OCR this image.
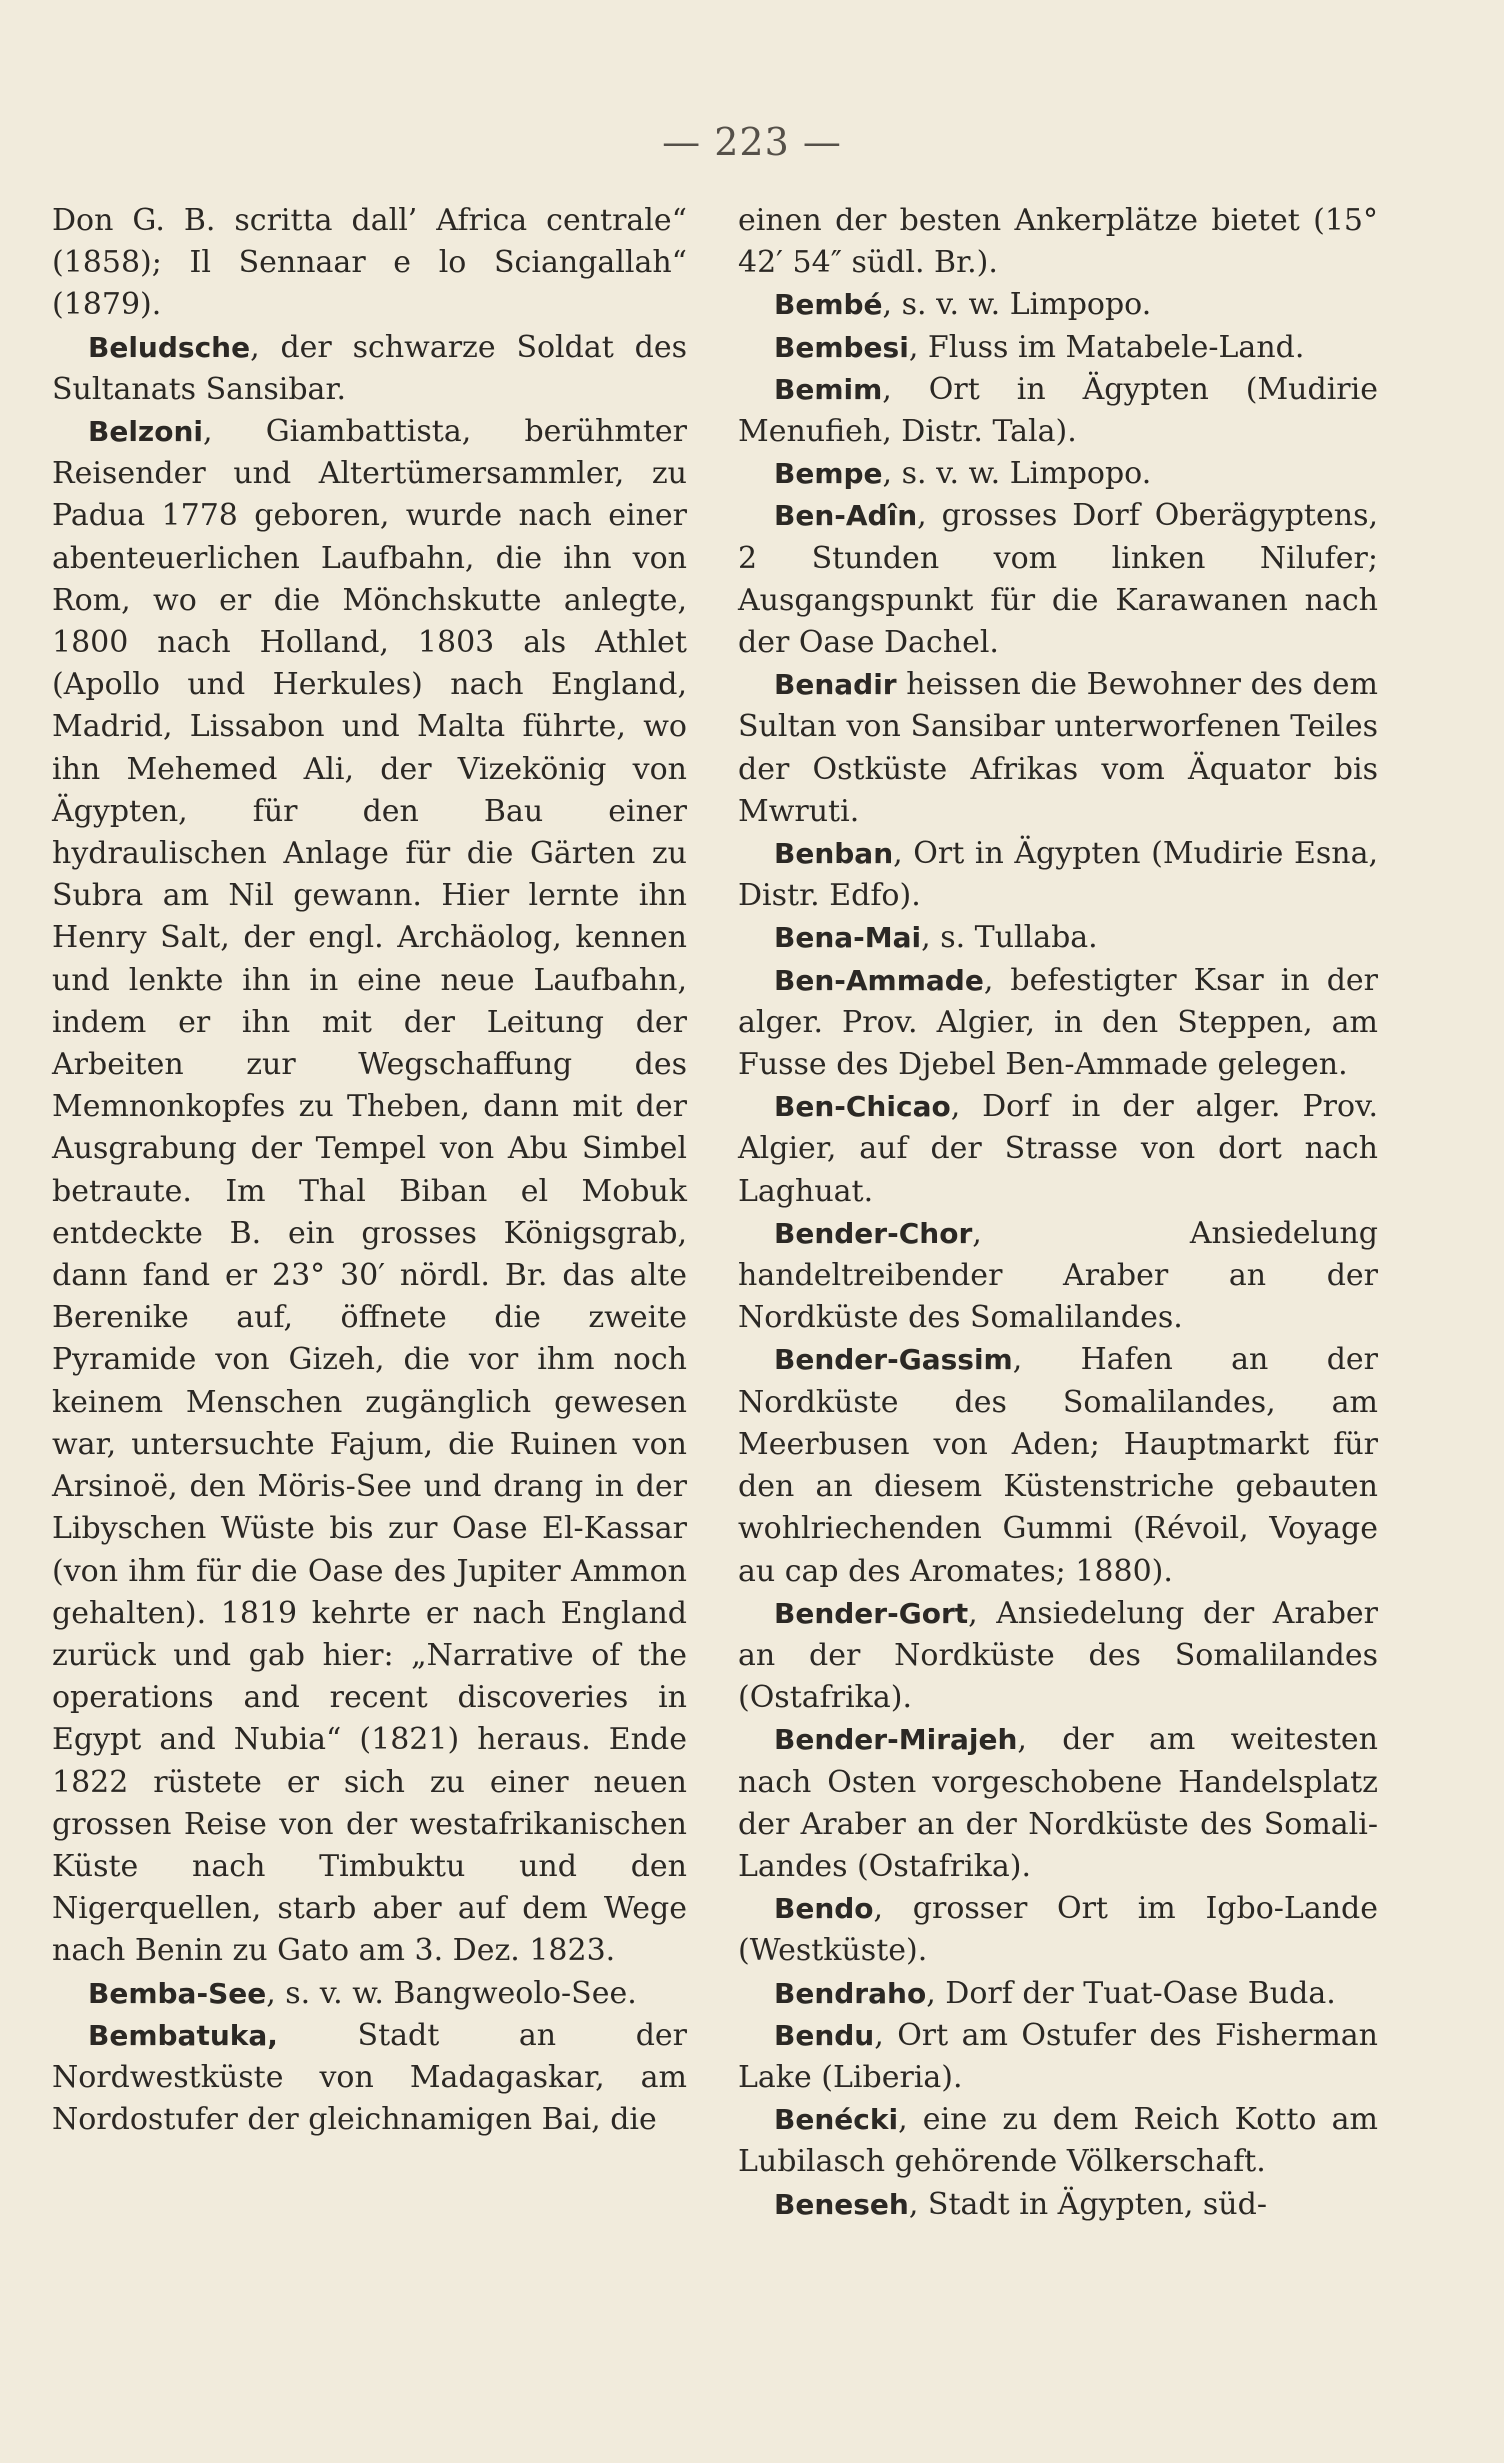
— 223 —

Don G. B. scritta dall’ Africa centrale“ (1858); Il Sennaar e lo Sciangallah“ (1879).

Beludsche, der schwarze Soldat des Sultanats Sansibar.

Belzoni, Giambattista, berühmter Reisender und Altertümersammler, zu Padua 1778 geboren, wurde nach einer abenteuerlichen Laufbahn, die ihn von Rom, wo er die Mönchskutte anlegte, 1800 nach Holland, 1803 als Athlet (Apollo und Herkules) nach England, Madrid, Lissabon und Malta führte, wo ihn Mehemed Ali, der Vizekönig von Ägypten, für den Bau einer hydraulischen Anlage für die Gärten zu Subra am Nil gewann. Hier lernte ihn Henry Salt, der engl. Archäolog, kennen und lenkte ihn in eine neue Laufbahn, indem er ihn mit der Leitung der Arbeiten zur Wegschaffung des Memnonkopfes zu Theben, dann mit der Ausgrabung der Tempel von Abu Simbel betraute. Im Thal Biban el Mobuk entdeckte B. ein grosses Königsgrab, dann fand er 23° 30′ nördl. Br. das alte Berenike auf, öffnete die zweite Pyramide von Gizeh, die vor ihm noch keinem Menschen zugänglich gewesen war, untersuchte Fajum, die Ruinen von Arsinoë, den Möris-See und drang in der Libyschen Wüste bis zur Oase El-Kassar (von ihm für die Oase des Jupiter Ammon gehalten). 1819 kehrte er nach England zurück und gab hier: „Narrative of the operations and recent discoveries in Egypt and Nubia“ (1821) heraus. Ende 1822 rüstete er sich zu einer neuen grossen Reise von der westafrikanischen Küste nach Timbuktu und den Nigerquellen, starb aber auf dem Wege nach Benin zu Gato am 3. Dez. 1823.

Bemba-See, s. v. w. Bangweolo-See.

Bembatuka, Stadt an der Nordwestküste von Madagaskar, am Nordostufer der gleichnamigen Bai, die

einen der besten Ankerplätze bietet (15° 42′ 54″ südl. Br.).

Bembé, s. v. w. Limpopo.

Bembesi, Fluss im Matabele-Land.

Bemim, Ort in Ägypten (Mudirie Menufieh, Distr. Tala).

Bempe, s. v. w. Limpopo.

Ben-Adîn, grosses Dorf Oberägyptens, 2 Stunden vom linken Nilufer; Ausgangspunkt für die Karawanen nach der Oase Dachel.

Benadir heissen die Bewohner des dem Sultan von Sansibar unterworfenen Teiles der Ostküste Afrikas vom Äquator bis Mwruti.

Benban, Ort in Ägypten (Mudirie Esna, Distr. Edfo).

Bena-Mai, s. Tullaba.

Ben-Ammade, befestigter Ksar in der alger. Prov. Algier, in den Steppen, am Fusse des Djebel Ben-Ammade gelegen.

Ben-Chicao, Dorf in der alger. Prov. Algier, auf der Strasse von dort nach Laghuat.

Bender-Chor, Ansiedelung handeltreibender Araber an der Nordküste des Somalilandes.

Bender-Gassim, Hafen an der Nordküste des Somalilandes, am Meerbusen von Aden; Hauptmarkt für den an diesem Küstenstriche gebauten wohlriechenden Gummi (Révoil, Voyage au cap des Aromates; 1880).

Bender-Gort, Ansiedelung der Araber an der Nordküste des Somalilandes (Ostafrika).

Bender-Mirajeh, der am weitesten nach Osten vorgeschobene Handelsplatz der Araber an der Nordküste des Somali-Landes (Ostafrika).

Bendo, grosser Ort im Igbo-Lande (Westküste).

Bendraho, Dorf der Tuat-Oase Buda.

Bendu, Ort am Ostufer des Fisherman Lake (Liberia).

Benécki, eine zu dem Reich Kotto am Lubilasch gehörende Völkerschaft.

Beneseh, Stadt in Ägypten, süd-
